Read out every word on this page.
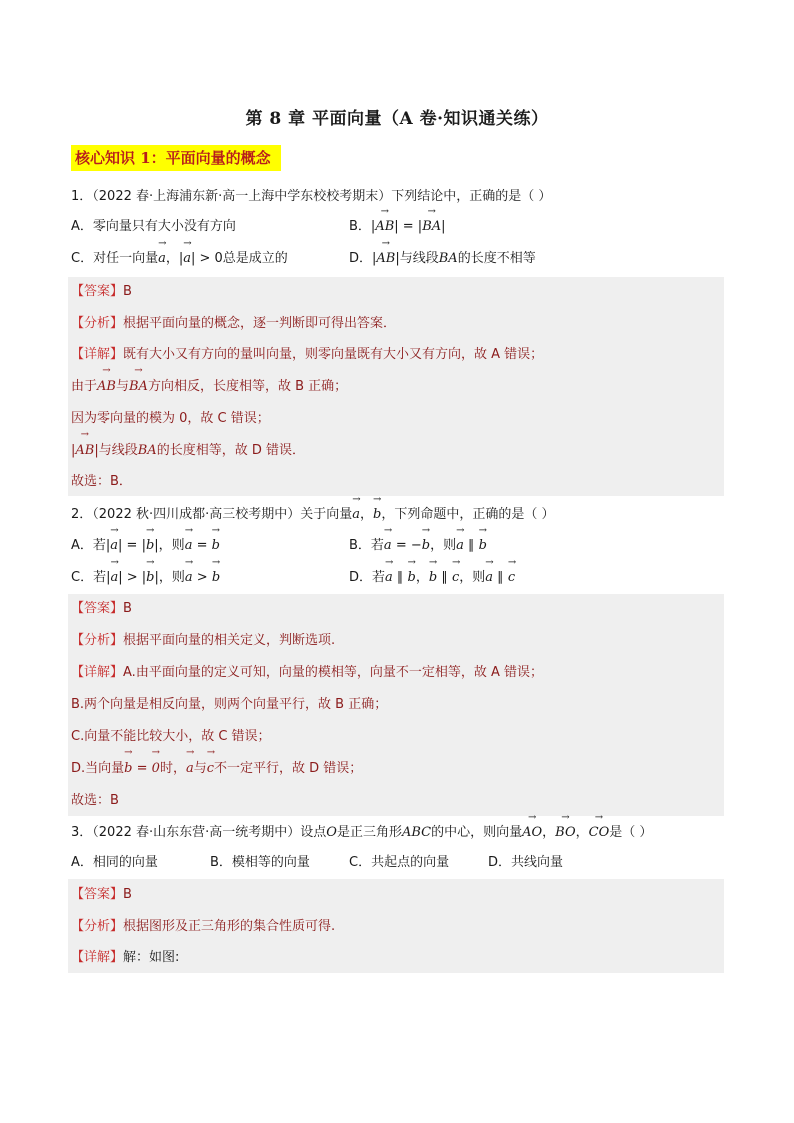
第 8 章 平面向量（A 卷·知识通关练）
核心知识 1：平面向量的概念
1．（2022 春·上海浦东新·高一上海中学东校校考期末）下列结论中，正确的是（ ）
A．零向量只有大小没有方向	B．|→ AB| = |→ BA|
C．对任一向量→ a，|→ a| > 0总是成立的	D．|→ AB|与线段BA的长度不相等
【答案】B
【分析】根据平面向量的概念，逐一判断即可得出答案．
【详解】既有大小又有方向的量叫向量，则零向量既有大小又有方向，故 A 错误；
由于→ AB与→ BA方向相反，长度相等，故 B 正确；
因为零向量的模为 0，故 C 错误；
|→ AB|与线段BA的长度相等，故 D 错误．
故选：B．
2．（2022 秋·四川成都·高三校考期中）关于向量→ a，→ b，下列命题中，正确的是（ ）
A．若|→ a| = |→ b|，则→ a = → b	B．若→ a = −→ b，则→ a ∥ → b
C．若|→ a| > |→ b|，则→ a > → b	D．若→ a ∥ → b，→ b ∥ → c，则→ a ∥ → c
【答案】B
【分析】根据平面向量的相关定义，判断选项.
【详解】A.由平面向量的定义可知，向量的模相等，向量不一定相等，故 A 错误；
B.两个向量是相反向量，则两个向量平行，故 B 正确；
C.向量不能比较大小，故 C 错误；
D.当向量→ b = → 0时，→ a与→ c不一定平行，故 D 错误；
故选：B
3．（2022 春·山东东营·高一统考期中）设点O是正三角形ABC的中心，则向量→ AO，→ BO，→ CO是（ ）
A．相同的向量	B．模相等的向量	C．共起点的向量	D．共线向量
【答案】B
【分析】根据图形及正三角形的集合性质可得.
【详解】解：如图:
